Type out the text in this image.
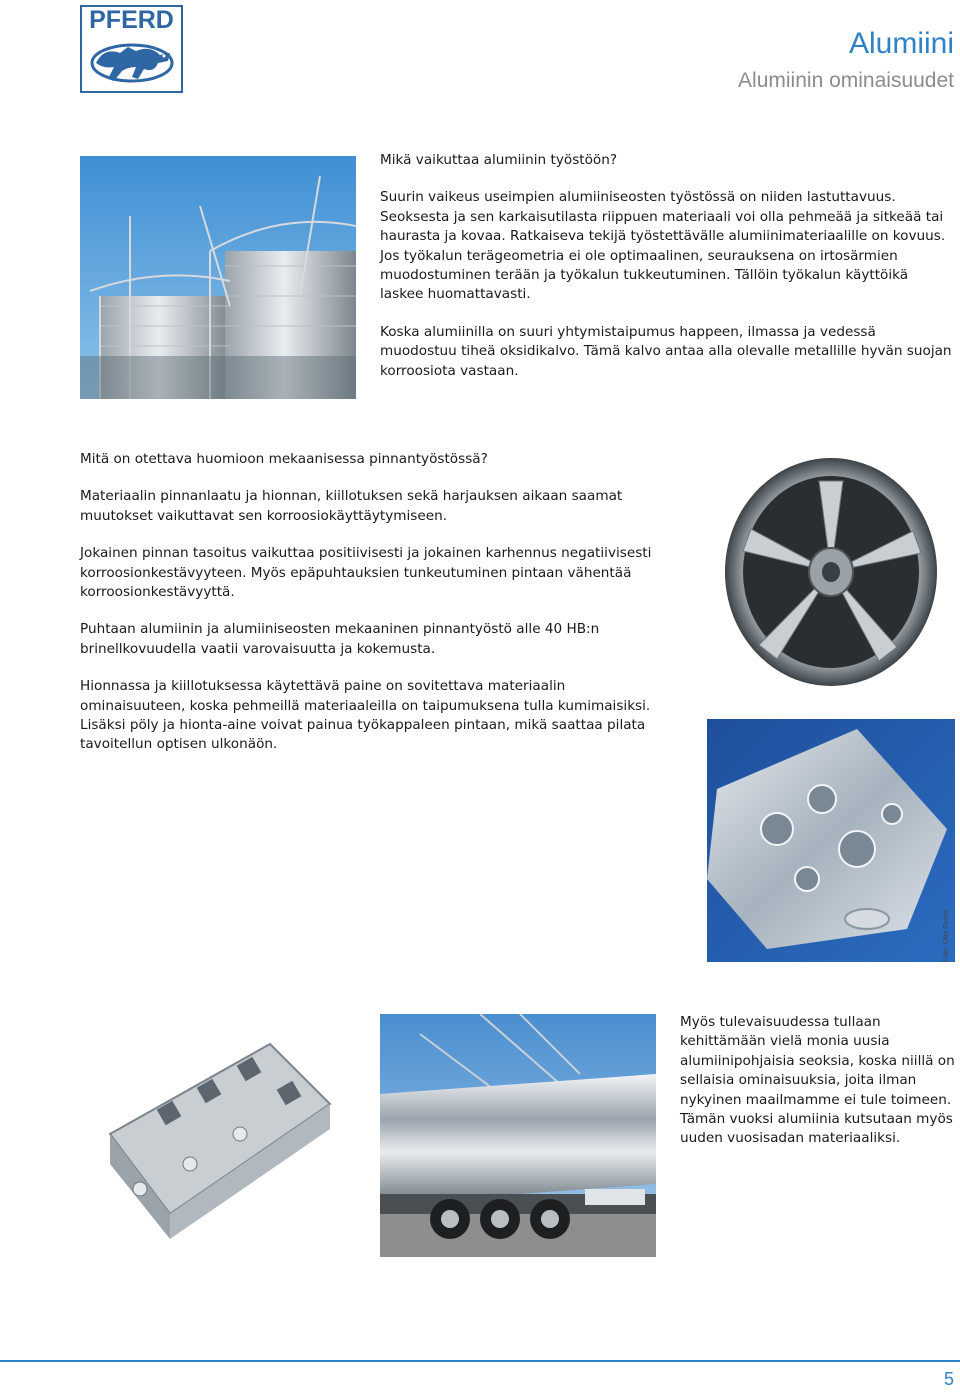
PFERD
Alumiini
Alumiinin ominaisuudet

Mikä vaikuttaa alumiinin työstöön?

Suurin vaikeus useimpien alumiiniseosten työstössä on niiden lastuttavuus. Seoksesta ja sen karkaisutilasta riippuen materiaali voi olla pehmeää ja sitkeää tai haurasta ja kovaa. Ratkaiseva tekijä työstettävälle alumiinimateriaalille on kovuus. Jos työkalun terägeometria ei ole optimaalinen, seurauksena on irtosärmien muodostuminen terään ja työkalun tukkeutuminen. Tällöin työkalun käyttöikä laskee huomattavasti.

Koska alumiinilla on suuri yhtymistaipumus happeen, ilmassa ja vedessä muodostuu tiheä oksidikalvo. Tämä kalvo antaa alla olevalle metallille hyvän suojan korroosiota vastaan.

Mitä on otettava huomioon mekaanisessa pinnantyöstössä?

Materiaalin pinnanlaatu ja hionnan, kiillotuksen sekä harjauksen aikaan saamat muutokset vaikuttavat sen korroosiokäyttäytymiseen.

Jokainen pinnan tasoitus vaikuttaa positiivisesti ja jokainen karhennus negatiivisesti korroosionkestävyyteen. Myös epäpuhtauksien tunkeutuminen pintaan vähentää korroosionkestävyyttä.

Puhtaan alumiinin ja alumiiniseosten mekaaninen pinnantyöstö alle 40 HB:n brinellkovuudella vaatii varovaisuutta ja kokemusta.

Hionnassa ja kiillotuksessa käytettävä paine on sovitettava materiaalin ominaisuuteen, koska pehmeillä materiaaleilla on taipumuksena tulla kumimaisiksi. Lisäksi pöly ja hionta-aine voivat painua työkappaleen pintaan, mikä saattaa pilata tavoitellun optisen ulkonäön.

Foto: Otto Fuchs

Myös tulevaisuudessa tullaan kehittämään vielä monia uusia alumiinipohjaisia seoksia, koska niillä on sellaisia ominaisuuksia, joita ilman nykyinen maailmamme ei tule toimeen. Tämän vuoksi alumiinia kutsutaan myös uuden vuosisadan materiaaliksi.

5
